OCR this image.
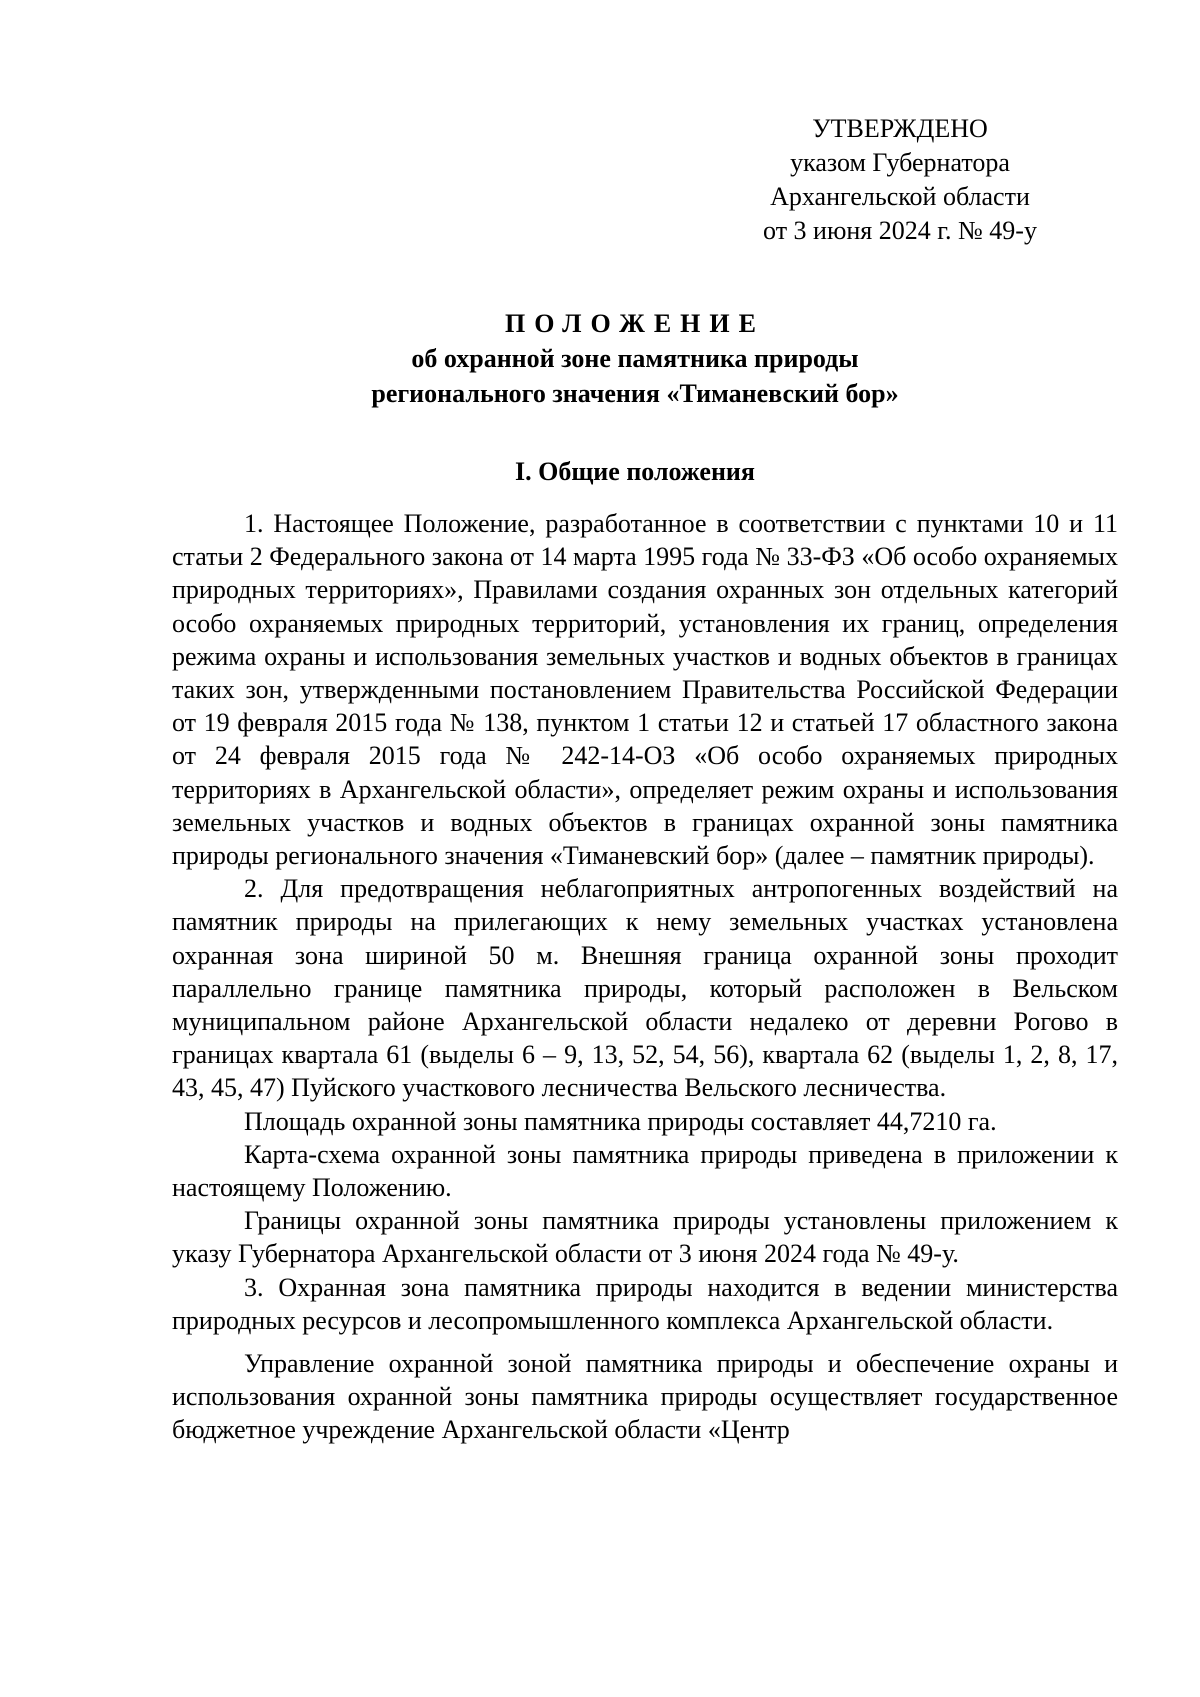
УТВЕРЖДЕНО
указом Губернатора
Архангельской области
от 3 июня 2024 г. № 49-у
ПОЛОЖЕНИЕ
об охранной зоне памятника природы
регионального значения «Тиманевский бор»
I. Общие положения

1. Настоящее Положение, разработанное в соответствии с пунктами 10 и 11 статьи 2 Федерального закона от 14 марта 1995 года № 33-ФЗ «Об особо охраняемых природных территориях», Правилами создания охранных зон отдельных категорий особо охраняемых природных территорий, установления их границ, определения режима охраны и использования земельных участков и водных объектов в границах таких зон, утвержденными постановлением Правительства Российской Федерации от 19 февраля 2015 года № 138, пунктом 1 статьи 12 и статьей 17 областного закона от 24 февраля 2015 года № 242-14-ОЗ «Об особо охраняемых природных территориях в Архангельской области», определяет режим охраны и использования земельных участков и водных объектов в границах охранной зоны памятника природы регионального значения «Тиманевский бор» (далее – памятник природы).

2. Для предотвращения неблагоприятных антропогенных воздействий на памятник природы на прилегающих к нему земельных участках установлена охранная зона шириной 50 м. Внешняя граница охранной зоны проходит параллельно границе памятника природы, который расположен в Вельском муниципальном районе Архангельской области недалеко от деревни Рогово в границах квартала 61 (выделы 6 – 9, 13, 52, 54, 56), квартала 62 (выделы 1, 2, 8, 17, 43, 45, 47) Пуйского участкового лесничества Вельского лесничества.

Площадь охранной зоны памятника природы составляет 44,7210 га.

Карта-схема охранной зоны памятника природы приведена в приложении к настоящему Положению.

Границы охранной зоны памятника природы установлены приложением к указу Губернатора Архангельской области от 3 июня 2024 года № 49-у.

3. Охранная зона памятника природы находится в ведении министерства природных ресурсов и лесопромышленного комплекса Архангельской области.

Управление охранной зоной памятника природы и обеспечение охраны и использования охранной зоны памятника природы осуществляет государственное бюджетное учреждение Архангельской области «Центр
